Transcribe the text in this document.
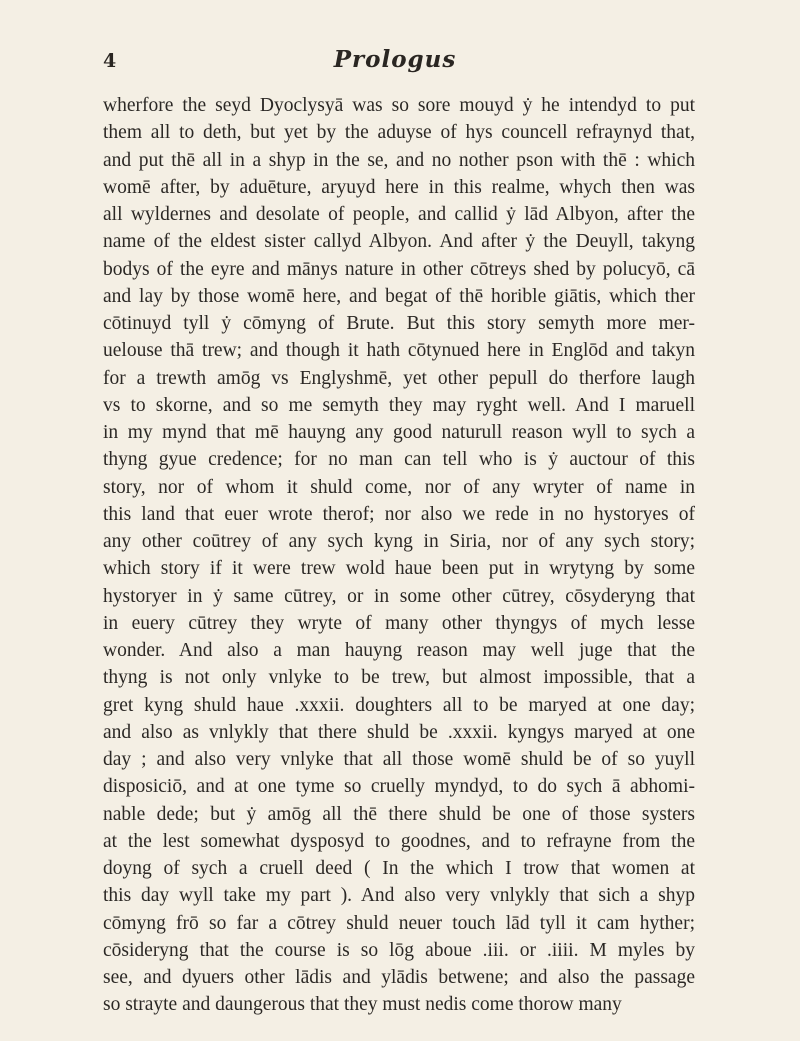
4	Prologus
wherfore the seyd Dyoclysyā was so sore mouyd ẏ he intendyd to put
them all to deth, but yet by the aduyse of hys councell refraynyd that,
and put thē all in a shyp in the se, and no nother pson with thē : which
womē after, by aduēture, aryuyd here in this realme, whych then was
all wyldernes and desolate of people, and callid ẏ lād Albyon, after the
name of the eldest sister callyd Albyon. And after ẏ the Deuyll, takyng
bodys of the eyre and mānys nature in other cōtreys shed by polucyō, cā
and lay by those womē here, and begat of thē horible giātis, which ther
cōtinuyd tyll ẏ cōmyng of Brute. But this story semyth more mer-
uelouse thā trew; and though it hath cōtynued here in Englōd and takyn
for a trewth amōg vs Englyshmē, yet other pepull do therfore laugh
vs to skorne, and so me semyth they may ryght well. And I maruell
in my mynd that mē hauyng any good naturull reason wyll to sych a
thyng gyue credence; for no man can tell who is ẏ auctour of this
story, nor of whom it shuld come, nor of any wryter of name in
this land that euer wrote therof; nor also we rede in no hystoryes of
any other coūtrey of any sych kyng in Siria, nor of any sych story;
which story if it were trew wold haue been put in wrytyng by some
hystoryer in ẏ same cūtrey, or in some other cūtrey, cōsyderyng that
in euery cūtrey they wryte of many other thyngys of mych lesse
wonder. And also a man hauyng reason may well juge that the
thyng is not only vnlyke to be trew, but almost impossible, that a
gret kyng shuld haue .xxxii. doughters all to be maryed at one day;
and also as vnlykly that there shuld be .xxxii. kyngys maryed at one
day ; and also very vnlyke that all those womē shuld be of so yuyll
disposiciō, and at one tyme so cruelly myndyd, to do sych ā abhomi-
nable dede; but ẏ amōg all thē there shuld be one of those systers
at the lest somewhat dysposyd to goodnes, and to refrayne from the
doyng of sych a cruell deed ( In the which I trow that women at
this day wyll take my part ). And also very vnlykly that sich a shyp
cōmyng frō so far a cōtrey shuld neuer touch lād tyll it cam hyther;
cōsideryng that the course is so lōg aboue .iii. or .iiii. M myles by
see, and dyuers other lādis and ylādis betwene; and also the passage
so strayte and daungerous that they must nedis come thorow many
